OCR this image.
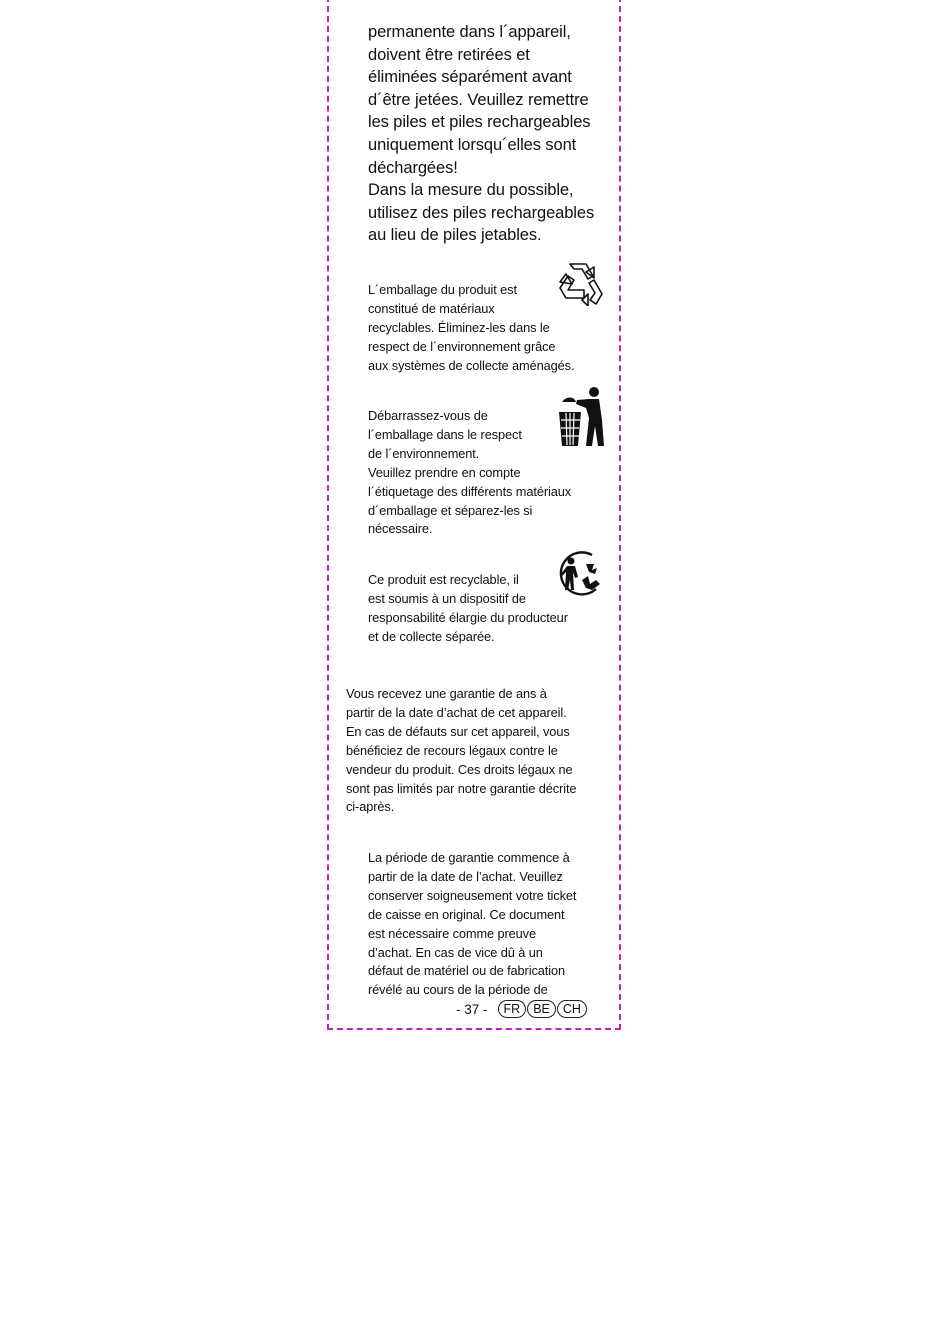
permanente dans l´appareil,
doivent être retirées et
éliminées séparément avant
d´être jetées. Veuillez remettre
les piles et piles rechargeables
uniquement lorsqu´elles sont
déchargées!
Dans la mesure du possible,
utilisez des piles rechargeables
au lieu de piles jetables.

L´emballage du produit est
constitué de matériaux
recyclables. Éliminez-les dans le
respect de l´environnement grâce
aux systèmes de collecte aménagés.

Débarrassez-vous de
l´emballage dans le respect
de l´environnement.
Veuillez prendre en compte
l´étiquetage des différents matériaux
d´emballage et séparez-les si
nécessaire.

Ce produit est recyclable, il
est soumis à un dispositif de
responsabilité élargie du producteur
et de collecte séparée.

Vous recevez une garantie de ans à
partir de la date d’achat de cet appareil.
En cas de défauts sur cet appareil, vous
bénéficiez de recours légaux contre le
vendeur du produit. Ces droits légaux ne
sont pas limités par notre garantie décrite
ci-après.

La période de garantie commence à
partir de la date de l’achat. Veuillez
conserver soigneusement votre ticket
de caisse en original. Ce document
est nécessaire comme preuve
d’achat. En cas de vice dû à un
défaut de matériel ou de fabrication
révélé au cours de la période de

- 37 -	FR	BE	CH
